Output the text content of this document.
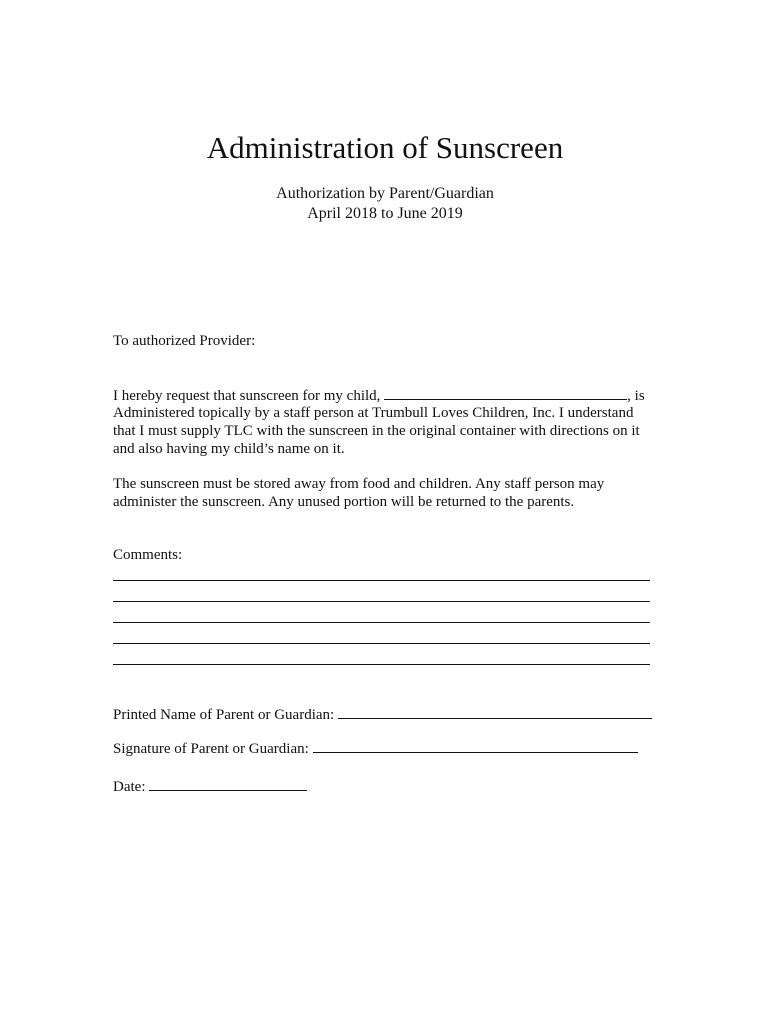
Administration of Sunscreen
Authorization by Parent/Guardian
April 2018 to June 2019
To authorized Provider:
I hereby request that sunscreen for my child,	, is
Administered topically by a staff person at Trumbull Loves Children, Inc. I understand
that I must supply TLC with the sunscreen in the original container with directions on it
and also having my child’s name on it.
The sunscreen must be stored away from food and children. Any staff person may
administer the sunscreen. Any unused portion will be returned to the parents.
Comments:
Printed Name of Parent or Guardian:
Signature of Parent or Guardian:
Date:
